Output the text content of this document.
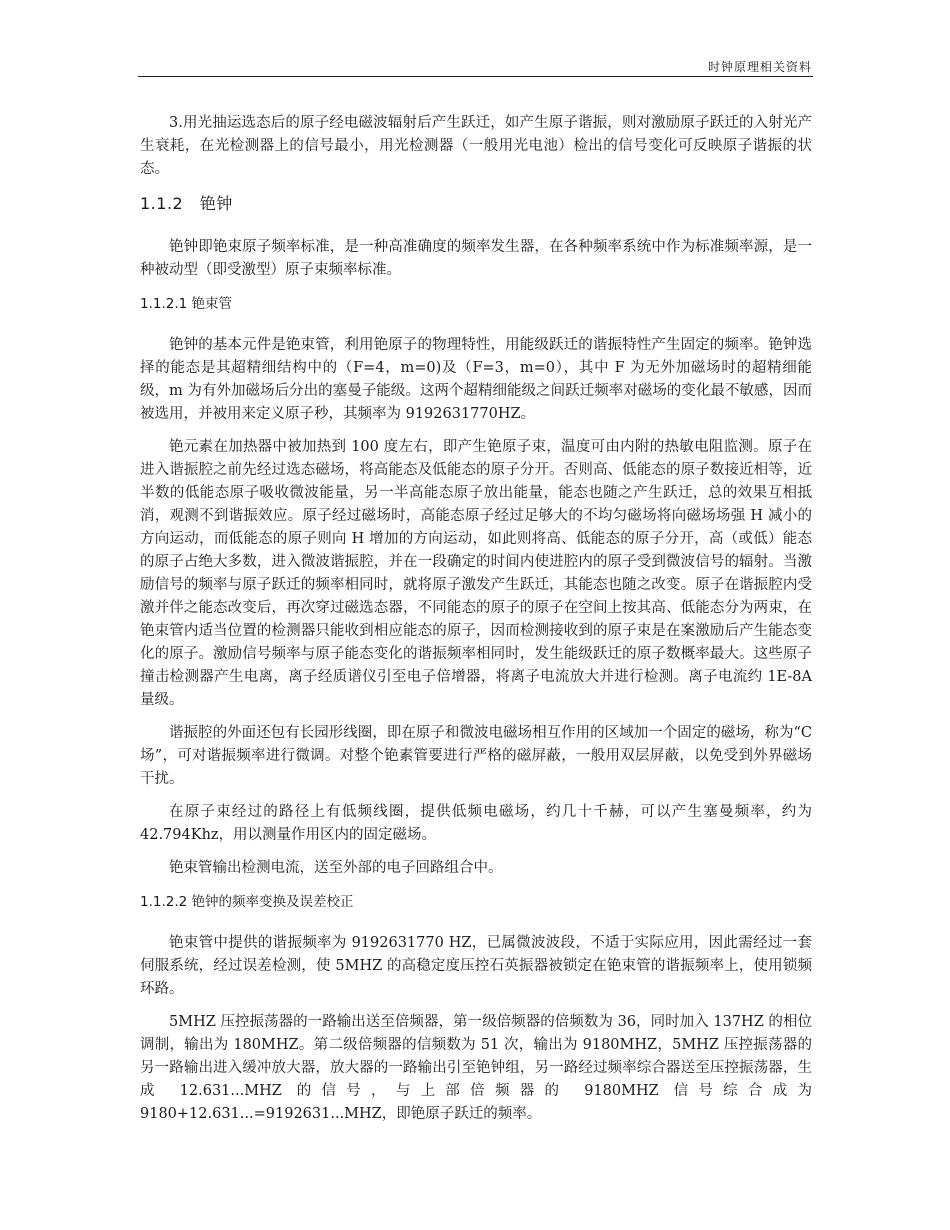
时钟原理相关资料

3.用光抽运选态后的原子经电磁波辐射后产生跃迁，如产生原子谐振，则对激励原子跃迁的入射光产生衰耗，在光检测器上的信号最小，用光检测器（一般用光电池）检出的信号变化可反映原子谐振的状态。

1.1.2　铯钟

铯钟即铯束原子频率标准，是一种高准确度的频率发生器，在各种频率系统中作为标准频率源，是一种被动型（即受激型）原子束频率标准。

1.1.2.1 铯束管

铯钟的基本元件是铯束管，利用铯原子的物理特性，用能级跃迁的谐振特性产生固定的频率。铯钟选择的能态是其超精细结构中的（F=4，m=0)及（F=3，m=0），其中 F 为无外加磁场时的超精细能级，m 为有外加磁场后分出的塞曼子能级。这两个超精细能级之间跃迁频率对磁场的变化最不敏感，因而被选用，并被用来定义原子秒，其频率为 9192631770HZ。

铯元素在加热器中被加热到 100 度左右，即产生铯原子束，温度可由内附的热敏电阻监测。原子在进入谐振腔之前先经过选态磁场，将高能态及低能态的原子分开。否则高、低能态的原子数接近相等，近半数的低能态原子吸收微波能量，另一半高能态原子放出能量，能态也随之产生跃迁，总的效果互相抵消，观测不到谐振效应。原子经过磁场时，高能态原子经过足够大的不均匀磁场将向磁场场强 H 减小的方向运动，而低能态的原子则向 H 增加的方向运动，如此则将高、低能态的原子分开，高（或低）能态的原子占绝大多数，进入微波谐振腔，并在一段确定的时间内使进腔内的原子受到微波信号的辐射。当激励信号的频率与原子跃迁的频率相同时，就将原子激发产生跃迁，其能态也随之改变。原子在谐振腔内受激并伴之能态改变后，再次穿过磁选态器，不同能态的原子的原子在空间上按其高、低能态分为两束，在铯束管内适当位置的检测器只能收到相应能态的原子，因而检测接收到的原子束是在案激励后产生能态变化的原子。激励信号频率与原子能态变化的谐振频率相同时，发生能级跃迁的原子数概率最大。这些原子撞击检测器产生电离，离子经质谱仪引至电子倍增器，将离子电流放大并进行检测。离子电流约 1E-8A 量级。

谐振腔的外面还包有长园形线圈，即在原子和微波电磁场相互作用的区域加一个固定的磁场，称为“C 场”，可对谐振频率进行微调。对整个铯素管要进行严格的磁屏蔽，一般用双层屏蔽，以免受到外界磁场干扰。

在原子束经过的路径上有低频线圈，提供低频电磁场，约几十千赫，可以产生塞曼频率，约为 42.794Khz，用以测量作用区内的固定磁场。

铯束管输出检测电流，送至外部的电子回路组合中。

1.1.2.2 铯钟的频率变换及误差校正

铯束管中提供的谐振频率为 9192631770 HZ，已属微波波段，不适于实际应用，因此需经过一套伺服系统，经过误差检测，使 5MHZ 的高稳定度压控石英振器被锁定在铯束管的谐振频率上，使用锁频环路。

5MHZ 压控振荡器的一路输出送至倍频器，第一级倍频器的倍频数为 36，同时加入 137HZ 的相位调制，输出为 180MHZ。第二级倍频器的信频数为 51 次，输出为 9180MHZ，5MHZ 压控振荡器的另一路输出进入缓冲放大器，放大器的一路输出引至铯钟组，另一路经过频率综合器送至压控振荡器，生成 12.631...MHZ 的信号，与上部倍频器的 9180MHZ 信号综合成为 9180+12.631...=9192631...MHZ，即铯原子跃迁的频率。
